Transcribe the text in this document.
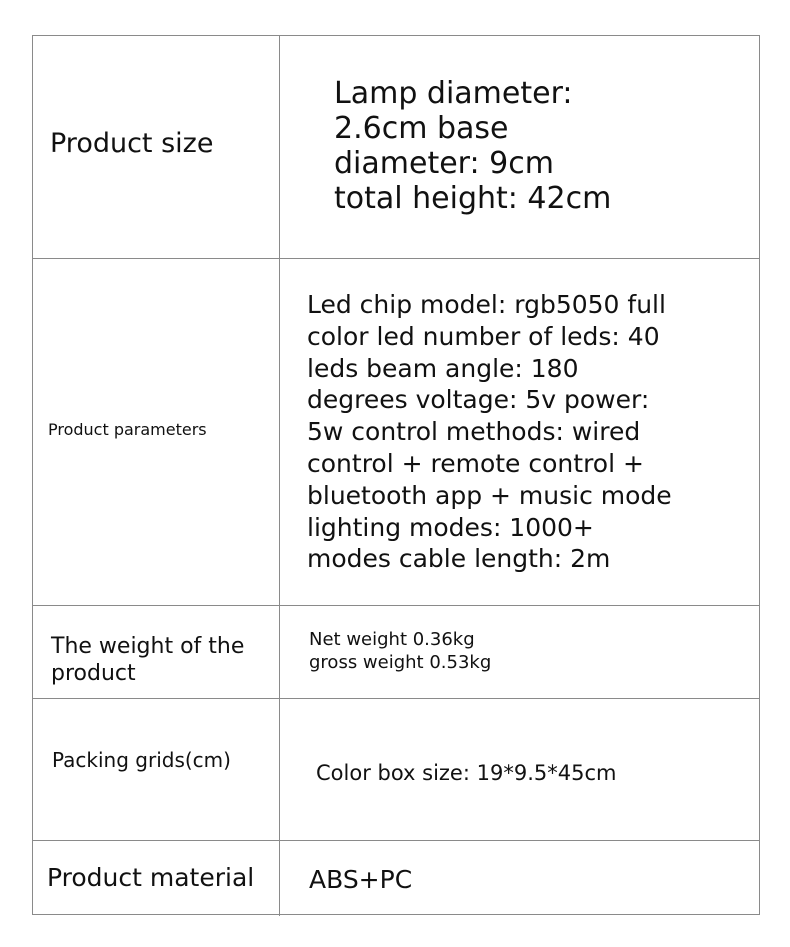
Product size

Lamp diameter:
2.6cm base
diameter: 9cm
total height: 42cm

Product parameters

Led chip model: rgb5050 full
color led number of leds: 40
leds beam angle: 180
degrees voltage: 5v power:
5w control methods: wired
control + remote control +
bluetooth app + music mode
lighting modes: 1000+
modes cable length: 2m

The weight of the
product

Net weight 0.36kg
gross weight 0.53kg

Packing grids(cm)

Color box size: 19*9.5*45cm

Product material ABS+PC
